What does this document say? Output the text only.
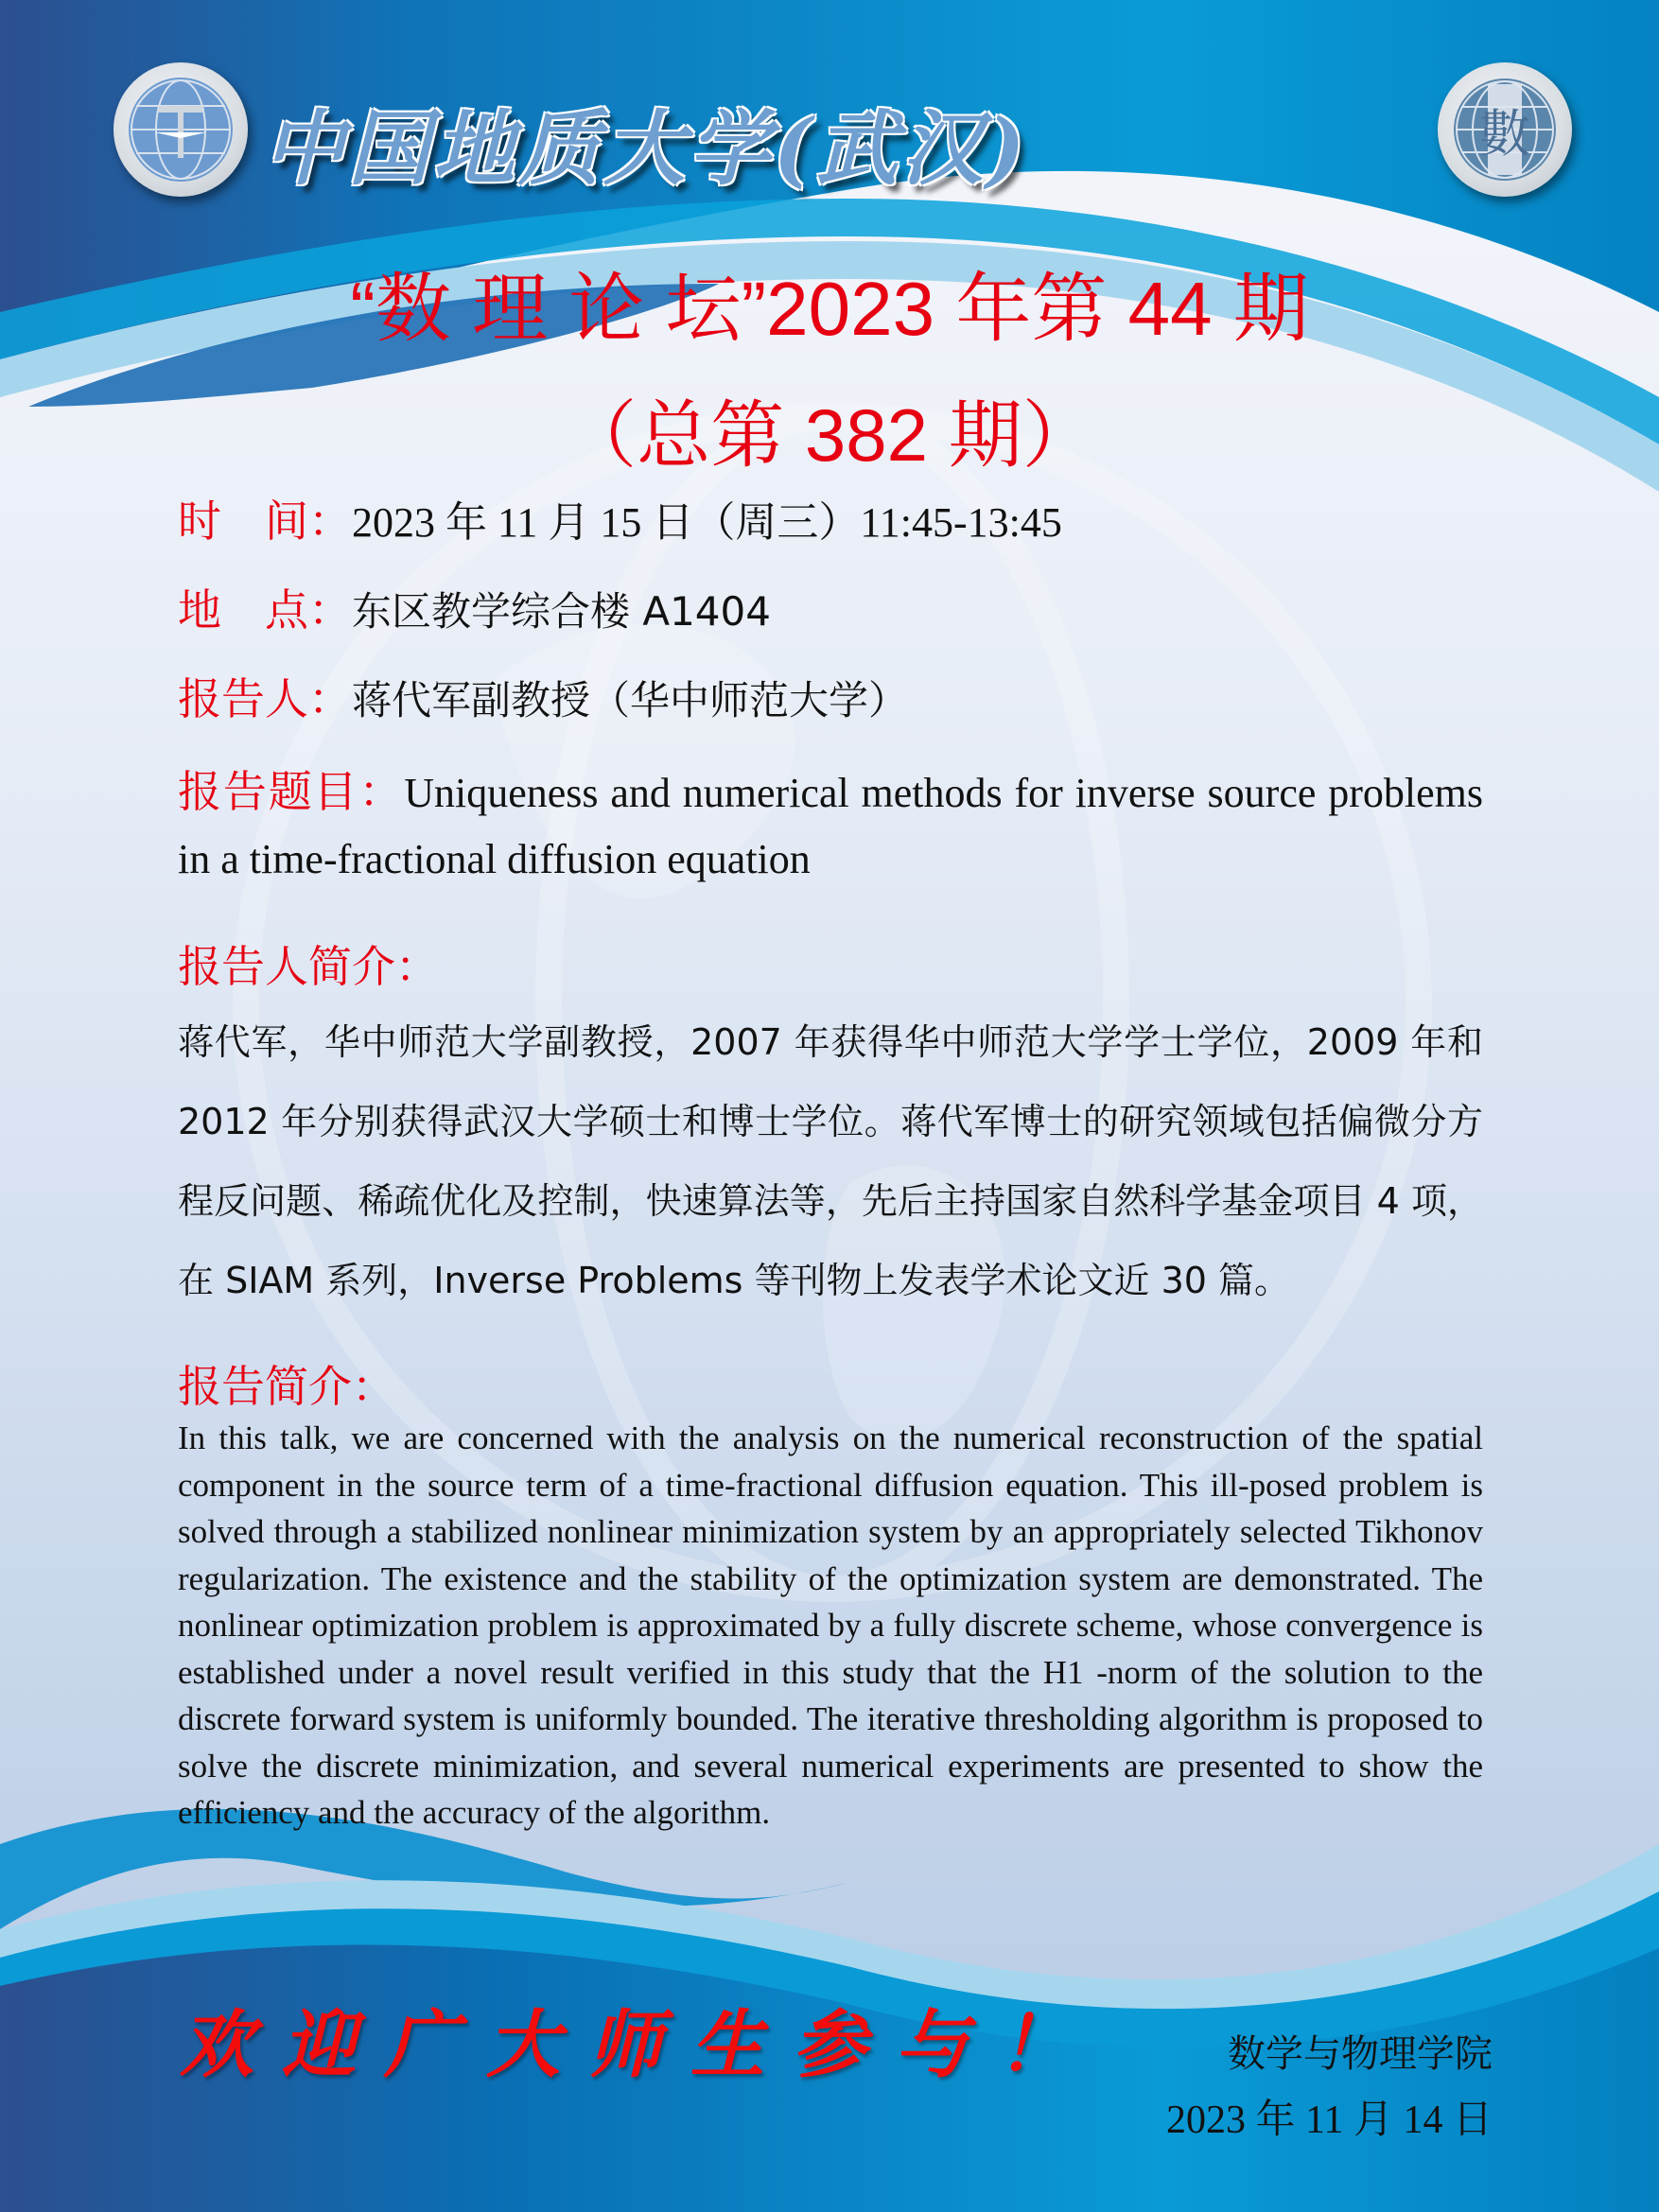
中国地质大学(武汉)	數
“数 理 论 坛”2023 年第 44 期
（总第 382 期）
时　间：2023 年 11 月 15 日（周三）11:45-13:45
地　点：东区教学综合楼 A1404
报告人：蒋代军副教授（华中师范大学）
报告题目：Uniqueness and numerical methods for inverse source problems in a time-fractional diffusion equation
报告人简介：
蒋代军，华中师范大学副教授，2007 年获得华中师范大学学士学位，2009 年和 2012 年分别获得武汉大学硕士和博士学位。蒋代军博士的研究领域包括偏微分方程反问题、稀疏优化及控制，快速算法等，先后主持国家自然科学基金项目 4 项，在 SIAM 系列，Inverse Problems 等刊物上发表学术论文近 30 篇。
报告简介：
In this talk, we are concerned with the analysis on the numerical reconstruction of the spatial component in the source term of a time-fractional diffusion equation. This ill-posed problem is solved through a stabilized nonlinear minimization system by an appropriately selected Tikhonov regularization. The existence and the stability of the optimization system are demonstrated. The nonlinear optimization problem is approximated by a fully discrete scheme, whose convergence is established under a novel result verified in this study that the H1 -norm of the solution to the discrete forward system is uniformly bounded. The iterative thresholding algorithm is proposed to solve the discrete minimization, and several numerical experiments are presented to show the efficiency and the accuracy of the algorithm.
欢迎广大师生参与！	数学与物理学院
2023 年 11 月 14 日
